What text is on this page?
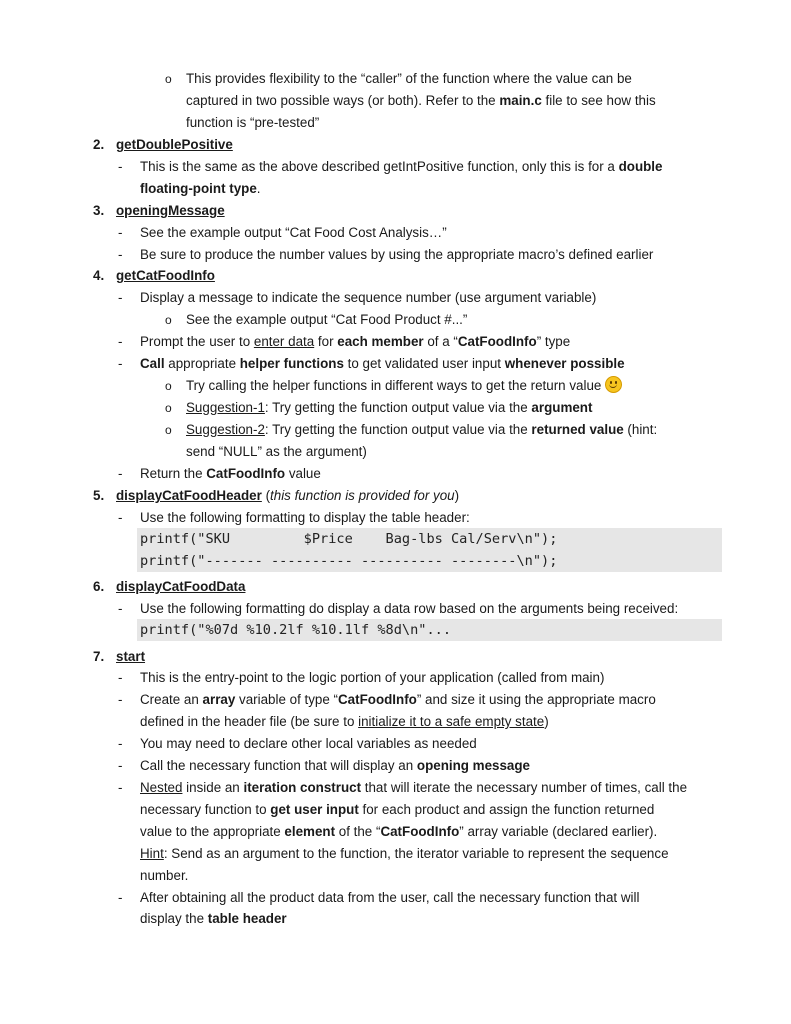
o This provides flexibility to the “caller” of the function where the value can be
captured in two possible ways (or both). Refer to the main.c file to see how this
function is “pre-tested”
2. getDoublePositive
- This is the same as the above described getIntPositive function, only this is for a double
floating-point type.
3. openingMessage
- See the example output “Cat Food Cost Analysis…”
- Be sure to produce the number values by using the appropriate macro’s defined earlier
4. getCatFoodInfo
- Display a message to indicate the sequence number (use argument variable)
o See the example output “Cat Food Product #...”
- Prompt the user to enter data for each member of a “CatFoodInfo” type
- Call appropriate helper functions to get validated user input whenever possible
o Try calling the helper functions in different ways to get the return value
o Suggestion-1: Try getting the function output value via the argument
o Suggestion-2: Try getting the function output value via the returned value (hint:
send “NULL” as the argument)
- Return the CatFoodInfo value
5. displayCatFoodHeader (this function is provided for you)
- Use the following formatting to display the table header:
printf("SKU         $Price    Bag-lbs Cal/Serv\n");
printf("------- ---------- ---------- --------\n");
6. displayCatFoodData
- Use the following formatting do display a data row based on the arguments being received:
printf("%07d %10.2lf %10.1lf %8d\n"...
7. start
- This is the entry-point to the logic portion of your application (called from main)
- Create an array variable of type “CatFoodInfo” and size it using the appropriate macro
defined in the header file (be sure to initialize it to a safe empty state)
- You may need to declare other local variables as needed
- Call the necessary function that will display an opening message
- Nested inside an iteration construct that will iterate the necessary number of times, call the
necessary function to get user input for each product and assign the function returned
value to the appropriate element of the “CatFoodInfo” array variable (declared earlier).
Hint: Send as an argument to the function, the iterator variable to represent the sequence
number.
- After obtaining all the product data from the user, call the necessary function that will
display the table header
